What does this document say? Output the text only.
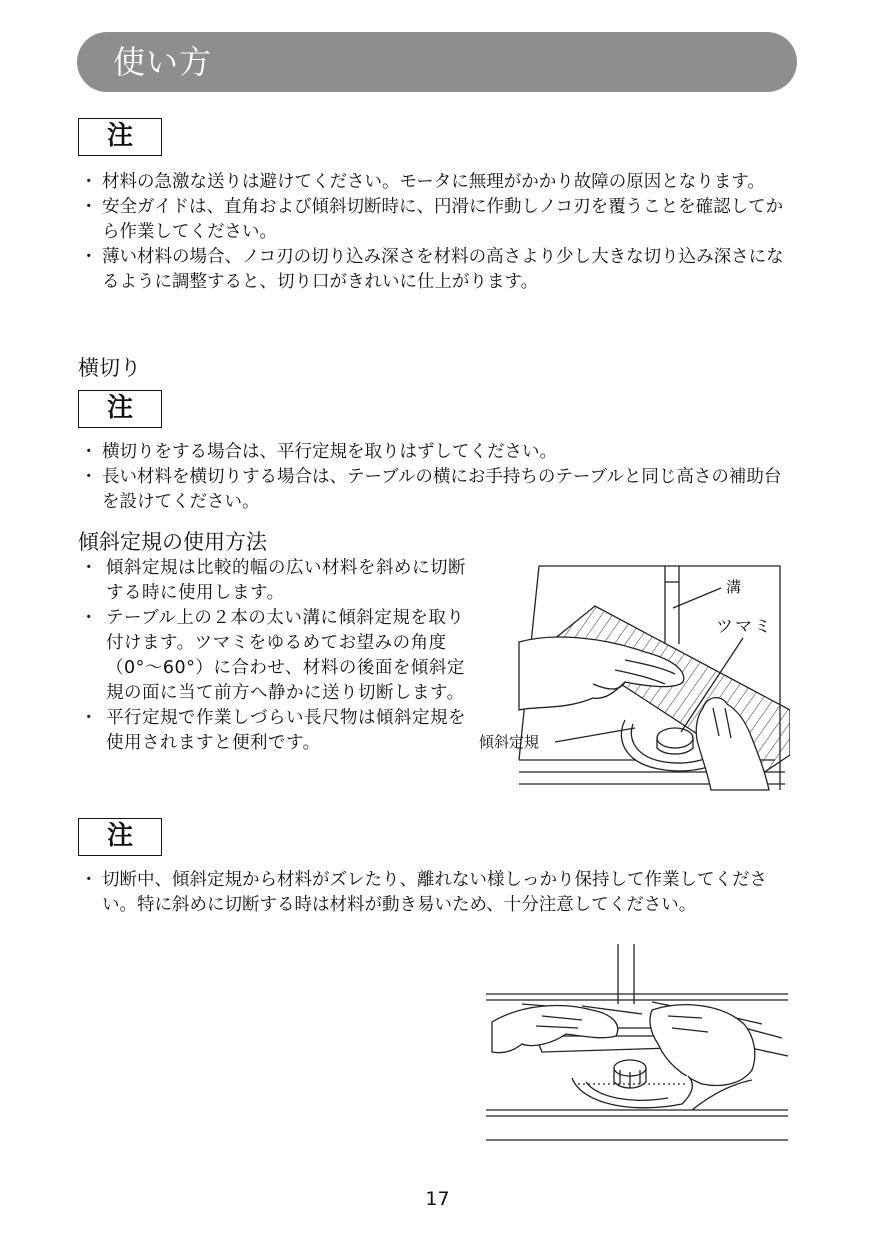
使い方
注
・ 材料の急激な送りは避けてください。モータに無理がかかり故障の原因となります。
・ 安全ガイドは、直角および傾斜切断時に、円滑に作動しノコ刃を覆うことを確認してから作業してください。
・ 薄い材料の場合、ノコ刃の切り込み深さを材料の高さより少し大きな切り込み深さになるように調整すると、切り口がきれいに仕上がります。
横切り
注
・ 横切りをする場合は、平行定規を取りはずしてください。
・ 長い材料を横切りする場合は、テーブルの横にお手持ちのテーブルと同じ高さの補助台を設けてください。
傾斜定規の使用方法
・ 傾斜定規は比較的幅の広い材料を斜めに切断する時に使用します。
・ テーブル上の２本の太い溝に傾斜定規を取り付けます。ツマミをゆるめてお望みの角度（0°～60°）に合わせ、材料の後面を傾斜定規の面に当て前方へ静かに送り切断します。
・ 平行定規で作業しづらい長尺物は傾斜定規を使用されますと便利です。
溝
ツマミ
傾斜定規
注
・ 切断中、傾斜定規から材料がズレたり、離れない様しっかり保持して作業してください。特に斜めに切断する時は材料が動き易いため、十分注意してください。
17
